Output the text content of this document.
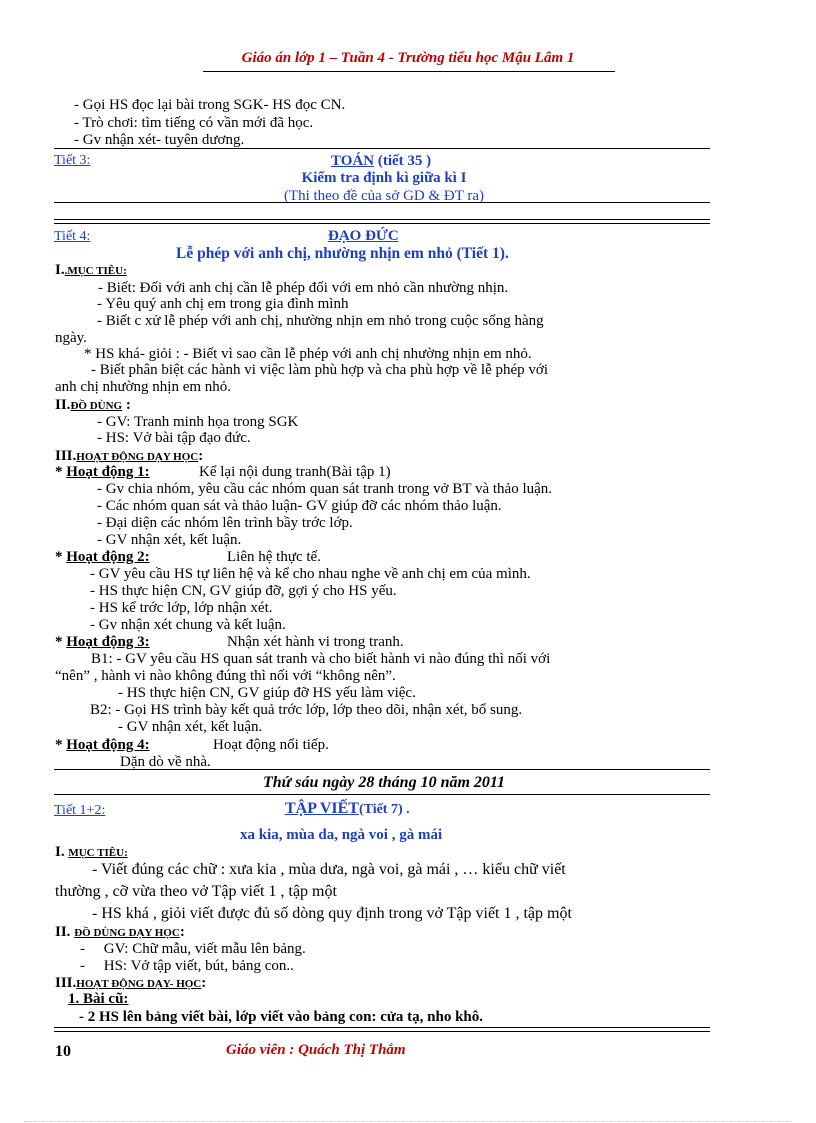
Giáo án lớp 1 – Tuần 4 - Trường tiểu học Mậu Lâm 1
- Gọi HS đọc lại bài trong SGK- HS đọc CN.
- Trò chơi: tìm tiếng có vần mới đã học.
- Gv nhận xét- tuyên dương.
Tiết 3:	TOÁN (tiết 35 )
Kiểm tra định kì giữa kì I
(Thi theo đề của sở GD & ĐT ra)
Tiết 4:	ĐẠO ĐỨC
Lễ phép với anh chị, nhường nhịn em nhỏ (Tiết 1).
I..MỤC TIÊU:
- Biết: Đối với anh chị cần lễ phép đối với em nhỏ cần nhường nhịn.
- Yêu quý anh chị em trong gia đình mình
- Biết c xử lễ phép với anh chị, nhường nhịn em nhỏ trong cuộc sống hàng
ngày.
* HS khá- giỏi : - Biết vì sao cần lễ phép với anh chị nhường nhịn em nhỏ.
- Biết phân biệt các hành vi việc làm phù hợp và cha phù hợp về lễ phép với
anh chị nhường nhịn em nhỏ.
II.ĐỒ DÙNG :
- GV: Tranh minh họa trong SGK
- HS: Vở bài tập đạo đức.
III.HOẠT ĐỘNG DẠY HỌC:
* Hoạt động 1:	Kể lại nội dung tranh(Bài tập 1)
- Gv chia nhóm, yêu cầu các nhóm quan sát tranh trong vở BT và thảo luận.
- Các nhóm quan sát và thảo luận- GV giúp đỡ các nhóm thảo luận.
- Đại diện các nhóm lên trình bầy trớc lớp.
- GV nhận xét, kết luận.
* Hoạt động 2:	Liên hệ thực tế.
- GV yêu cầu HS tự liên hệ và kể cho nhau nghe về anh chị em của mình.
- HS thực hiện CN, GV giúp đỡ, gợi ý cho HS yếu.
- HS kể trớc lớp, lớp nhận xét.
- Gv nhận xét chung và kết luận.
* Hoạt động 3:	Nhận xét hành vi trong tranh.
B1: - GV yêu cầu HS quan sát tranh và cho biết hành vi nào đúng thì nối với
“nên” , hành vi nào không đúng thì nối với “không nên”.
- HS thực hiện CN, GV giúp đỡ HS yếu làm việc.
B2: - Gọi HS trình bày kết quả trớc lớp, lớp theo dõi, nhận xét, bổ sung.
- GV nhận xét, kết luận.
* Hoạt động 4:	Hoạt động nối tiếp.
Dặn dò về nhà.
Thứ sáu ngày 28 tháng 10 năm 2011
Tiết 1+2:	TẬP VIẾT(Tiết 7) .
xa kia, mùa da, ngà voi , gà mái
I. MỤC TIÊU:
- Viết đúng các chữ : xưa kia , mùa dưa, ngà voi, gà mái , … kiểu chữ viết
thường , cỡ vừa theo vở Tập viết 1 , tập một
- HS khá , giỏi viết được đủ số dòng quy định trong vở Tập viết 1 , tập một
II. ĐỒ DÙNG DẠY HỌC:
-     GV: Chữ mẫu, viết mẫu lên bảng.
-     HS: Vở tập viết, bút, bảng con..
III.HOẠT ĐỘNG DẠY- HỌC:
1. Bài cũ:
- 2 HS lên bảng viết bài, lớp viết vào bảng con: cửa tạ, nho khô.
10	Giáo viên : Quách Thị Thắm
